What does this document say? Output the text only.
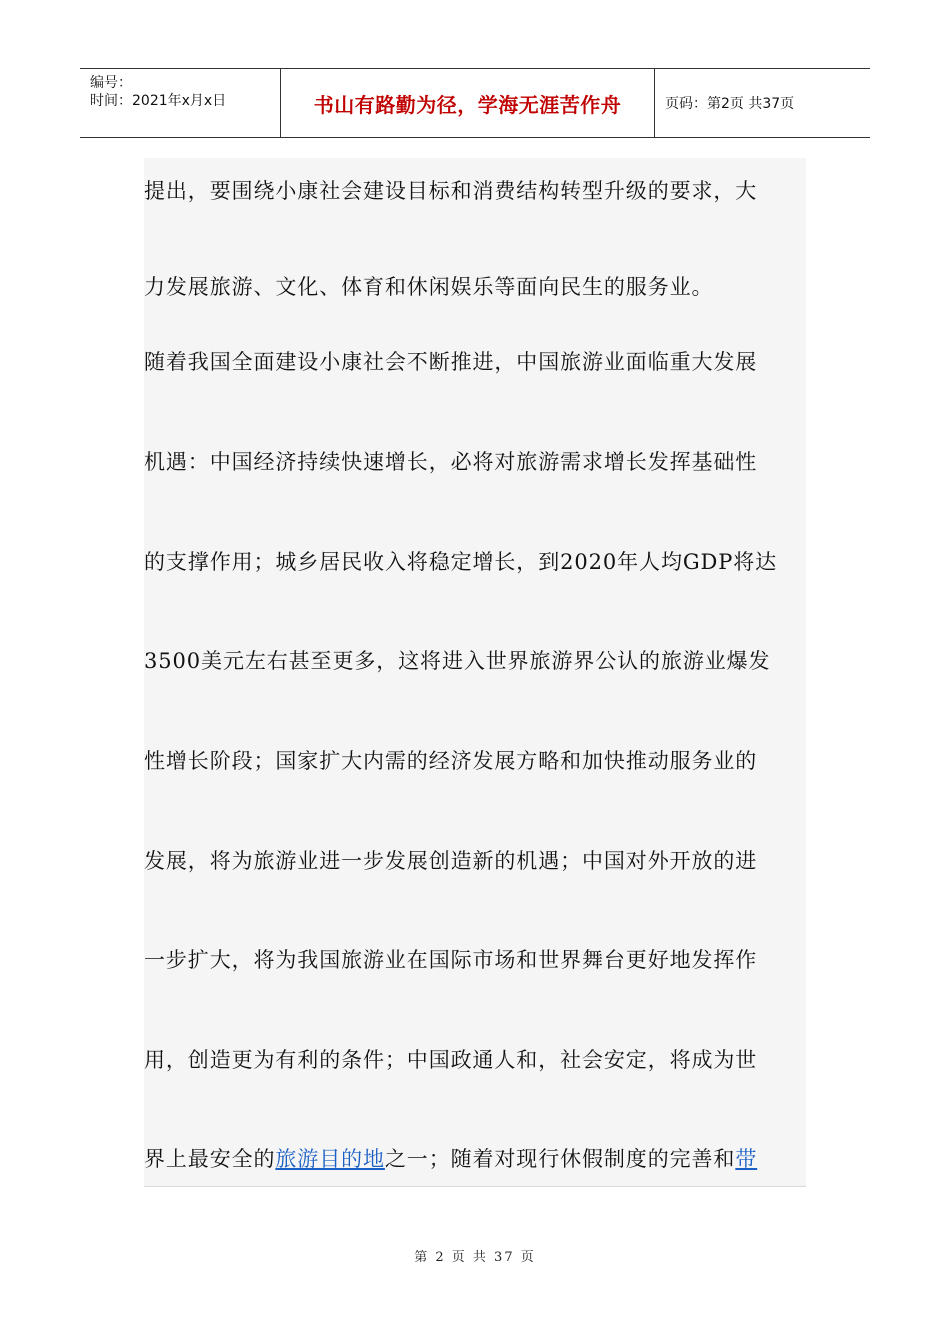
编号：
时间：2021年x月x日	书山有路勤为径，学海无涯苦作舟	页码：第2页 共37页
提出，要围绕小康社会建设目标和消费结构转型升级的要求，大
力发展旅游、文化、体育和休闲娱乐等面向民生的服务业。
随着我国全面建设小康社会不断推进，中国旅游业面临重大发展
机遇：中国经济持续快速增长，必将对旅游需求增长发挥基础性
的支撑作用；城乡居民收入将稳定增长，到2020年人均GDP将达
3500美元左右甚至更多，这将进入世界旅游界公认的旅游业爆发
性增长阶段；国家扩大内需的经济发展方略和加快推动服务业的
发展，将为旅游业进一步发展创造新的机遇；中国对外开放的进
一步扩大，将为我国旅游业在国际市场和世界舞台更好地发挥作
用，创造更为有利的条件；中国政通人和，社会安定，将成为世
界上最安全的旅游目的地之一；随着对现行休假制度的完善和带
第 2 页 共 37 页
